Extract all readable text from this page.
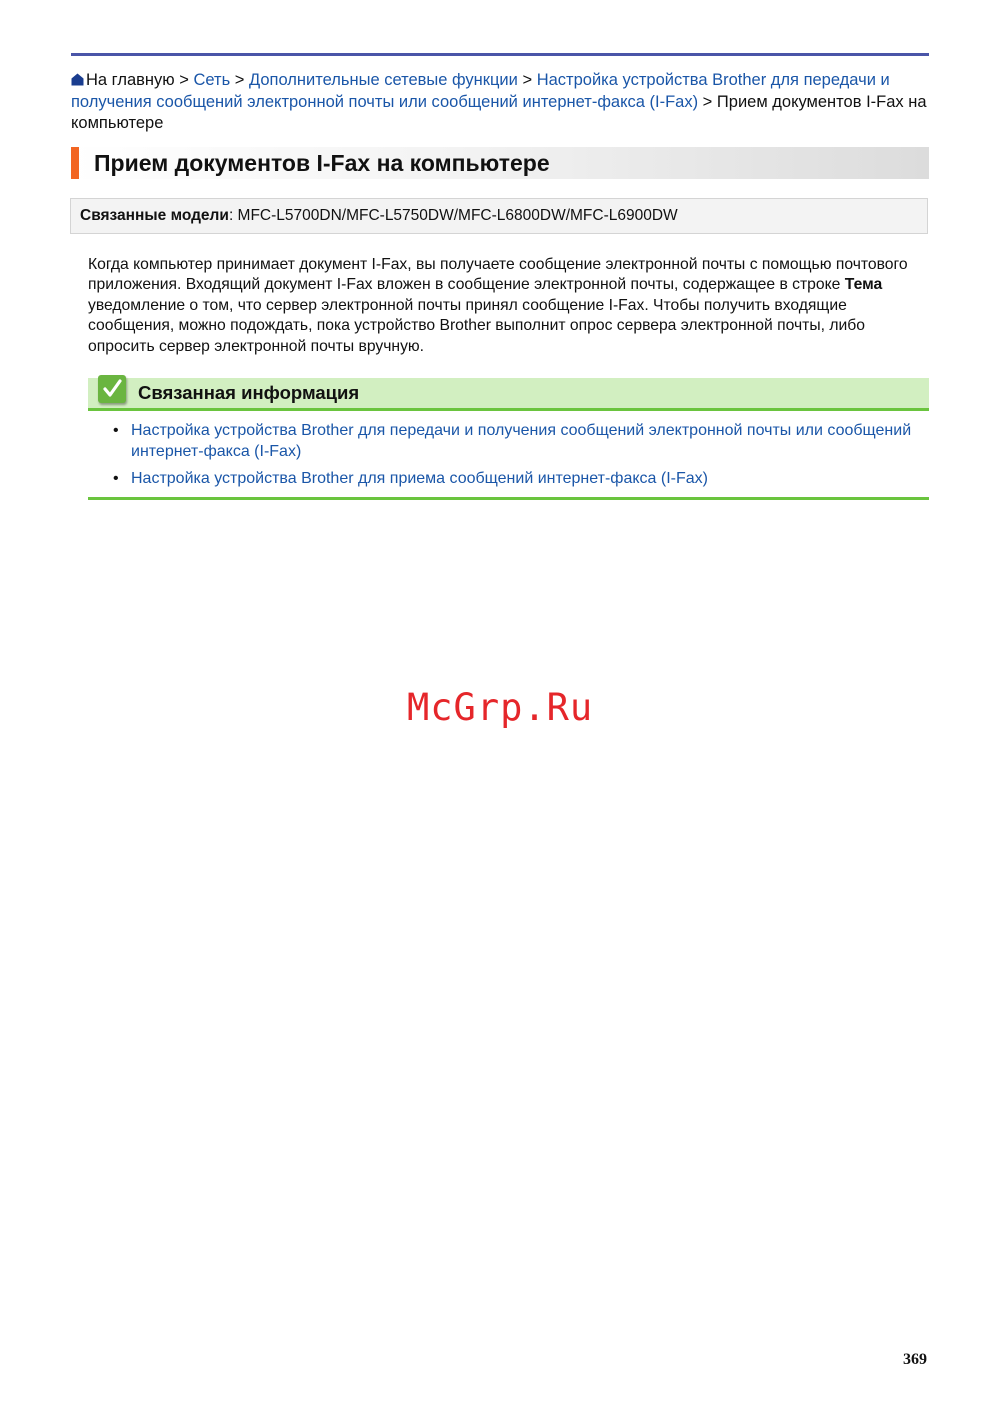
На главную > Сеть > Дополнительные сетевые функции > Настройка устройства Brother для передачи и получения сообщений электронной почты или сообщений интернет-факса (I-Fax) > Прием документов I-Fax на компьютере
Прием документов I-Fax на компьютере
Связанные модели: MFC-L5700DN/MFC-L5750DW/MFC-L6800DW/MFC-L6900DW
Когда компьютер принимает документ I-Fax, вы получаете сообщение электронной почты с помощью почтового приложения. Входящий документ I-Fax вложен в сообщение электронной почты, содержащее в строке Тема уведомление о том, что сервер электронной почты принял сообщение I-Fax. Чтобы получить входящие сообщения, можно подождать, пока устройство Brother выполнит опрос сервера электронной почты, либо опросить сервер электронной почты вручную.
Связанная информация
• Настройка устройства Brother для передачи и получения сообщений электронной почты или сообщений интернет-факса (I-Fax)
• Настройка устройства Brother для приема сообщений интернет-факса (I-Fax)
McGrp.Ru
369
